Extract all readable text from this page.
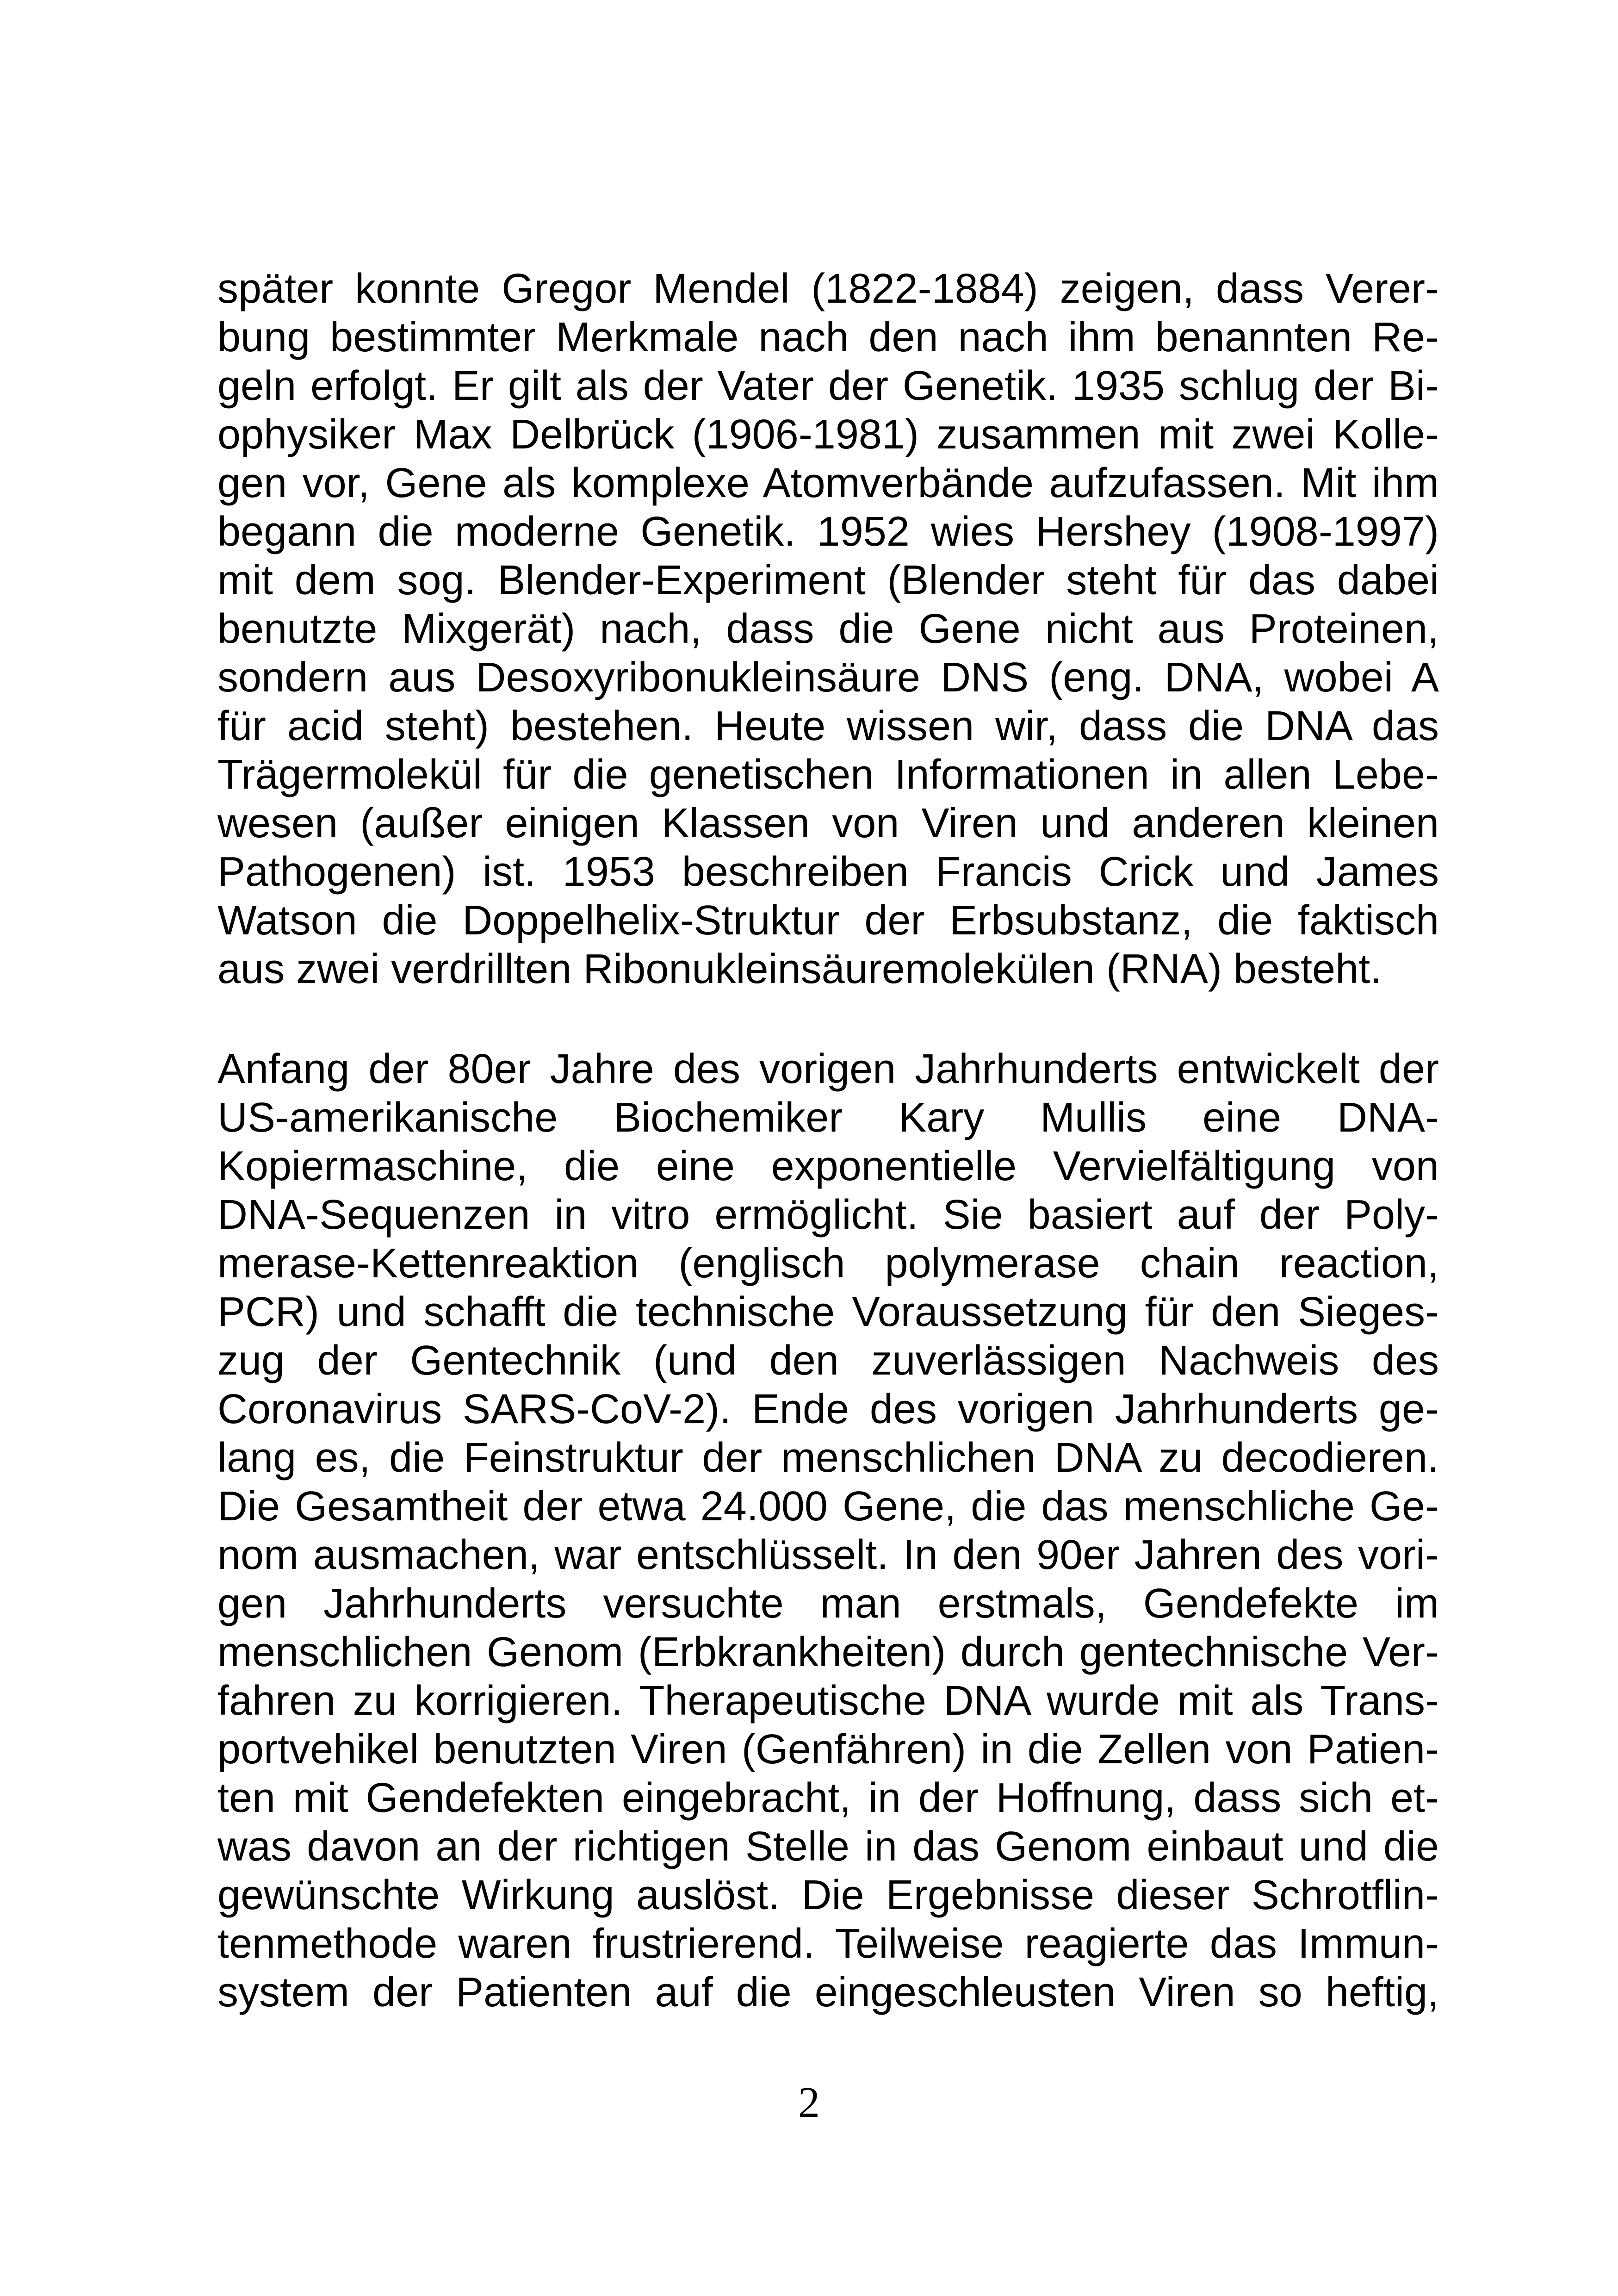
später konnte Gregor Mendel (1822-1884) zeigen, dass Verer-
bung bestimmter Merkmale nach den nach ihm benannten Re-
geln erfolgt. Er gilt als der Vater der Genetik. 1935 schlug der Bi-
ophysiker Max Delbrück (1906-1981) zusammen mit zwei Kolle-
gen vor, Gene als komplexe Atomverbände aufzufassen. Mit ihm
begann die moderne Genetik. 1952 wies Hershey (1908-1997)
mit dem sog. Blender-Experiment (Blender steht für das dabei
benutzte Mixgerät) nach, dass die Gene nicht aus Proteinen,
sondern aus Desoxyribonukleinsäure DNS (eng. DNA, wobei A
für acid steht) bestehen. Heute wissen wir, dass die DNA das
Trägermolekül für die genetischen Informationen in allen Lebe-
wesen (außer einigen Klassen von Viren und anderen kleinen
Pathogenen) ist. 1953 beschreiben Francis Crick und James
Watson die Doppelhelix-Struktur der Erbsubstanz, die faktisch
aus zwei verdrillten Ribonukleinsäuremolekülen (RNA) besteht.
Anfang der 80er Jahre des vorigen Jahrhunderts entwickelt der
US-amerikanische Biochemiker Kary Mullis eine DNA-
Kopiermaschine, die eine exponentielle Vervielfältigung von
DNA-Sequenzen in vitro ermöglicht. Sie basiert auf der Poly-
merase-Kettenreaktion (englisch polymerase chain reaction,
PCR) und schafft die technische Voraussetzung für den Sieges-
zug der Gentechnik (und den zuverlässigen Nachweis des
Coronavirus SARS-CoV-2). Ende des vorigen Jahrhunderts ge-
lang es, die Feinstruktur der menschlichen DNA zu decodieren.
Die Gesamtheit der etwa 24.000 Gene, die das menschliche Ge-
nom ausmachen, war entschlüsselt. In den 90er Jahren des vori-
gen Jahrhunderts versuchte man erstmals, Gendefekte im
menschlichen Genom (Erbkrankheiten) durch gentechnische Ver-
fahren zu korrigieren. Therapeutische DNA wurde mit als Trans-
portvehikel benutzten Viren (Genfähren) in die Zellen von Patien-
ten mit Gendefekten eingebracht, in der Hoffnung, dass sich et-
was davon an der richtigen Stelle in das Genom einbaut und die
gewünschte Wirkung auslöst. Die Ergebnisse dieser Schrotflin-
tenmethode waren frustrierend. Teilweise reagierte das Immun-
system der Patienten auf die eingeschleusten Viren so heftig,
2
